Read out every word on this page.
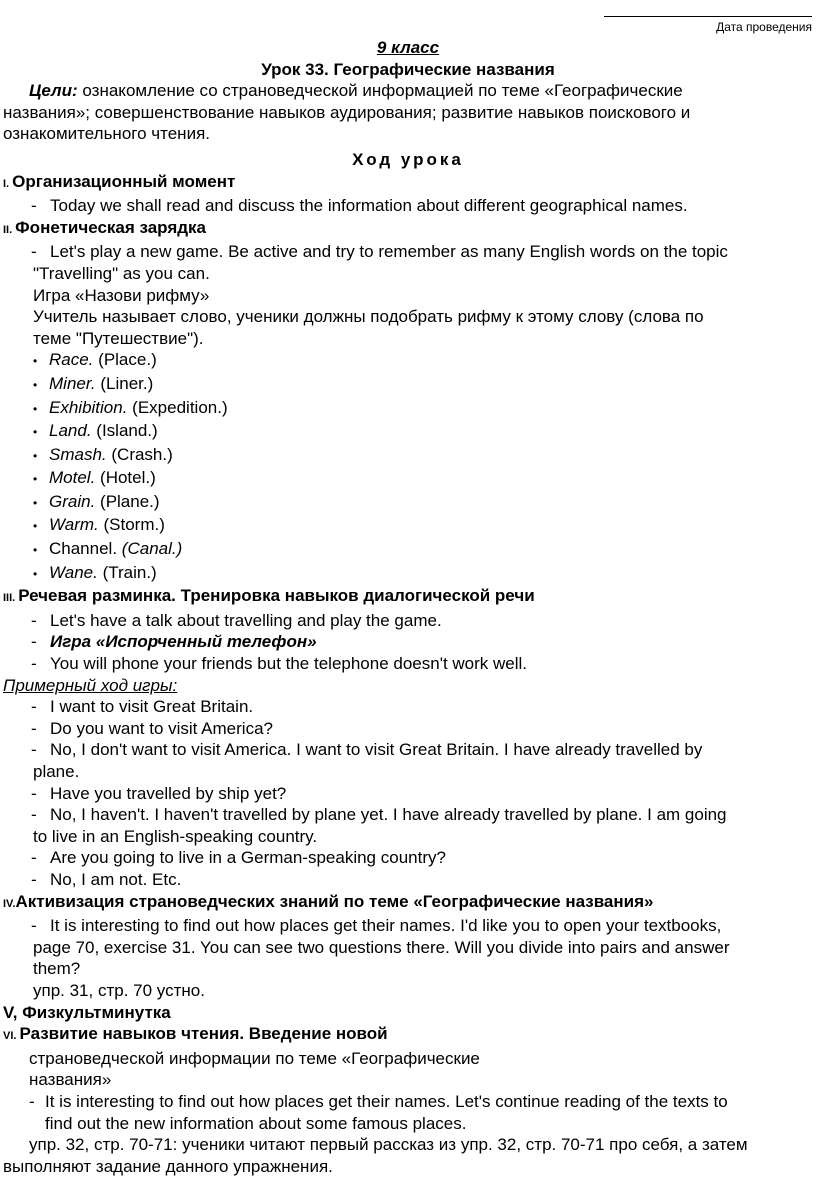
Дата проведения
9 класс
Урок 33. Географические названия
Цели: ознакомление со страноведческой информацией по теме «Географические
названия»; совершенствование навыков аудирования; развитие навыков поискового и
ознакомительного чтения.
Ход урока
I. Организационный момент
- Today we shall read and discuss the information about different geographical names.
II. Фонетическая зарядка
- Let's play a new game. Be active and try to remember as many English words on the topic
"Travelling" as you can.
Игра «Назови рифму»
Учитель называет слово, ученики должны подобрать рифму к этому слову (слова по
теме "Путешествие").
• Race. (Place.)
• Miner. (Liner.)
• Exhibition. (Expedition.)
• Land. (Island.)
• Smash. (Crash.)
• Motel. (Hotel.)
• Grain. (Plane.)
• Warm. (Storm.)
• Channel. (Canal.)
• Wane. (Train.)
III. Речевая разминка. Тренировка навыков диалогической речи
- Let's have a talk about travelling and play the game.
- Игра «Испорченный телефон»
- You will phone your friends but the telephone doesn't work well.
Примерный ход игры:
- I want to visit Great Britain.
- Do you want to visit America?
- No, I don't want to visit America. I want to visit Great Britain. I have already travelled by
plane.
- Have you travelled by ship yet?
- No, I haven't. I haven't travelled by plane yet. I have already travelled by plane. I am going
to live in an English-speaking country.
- Are you going to live in a German-speaking country?
- No, I am not. Etc.
IV.Активизация страноведческих знаний по теме «Географические названия»
- It is interesting to find out how places get their names. I'd like you to open your textbooks,
page 70, exercise 31. You can see two questions there. Will you divide into pairs and answer
them?
упр. 31, стр. 70 устно.
V, Физкультминутка
VI. Развитие навыков чтения. Введение новой
страноведческой информации по теме «Географические
названия»
- It is interesting to find out how places get their names. Let's continue reading of the texts to
find out the new information about some famous places.
упр. 32, стр. 70-71: ученики читают первый рассказ из упр. 32, стр. 70-71 про себя, а затем
выполняют задание данного упражнения.
